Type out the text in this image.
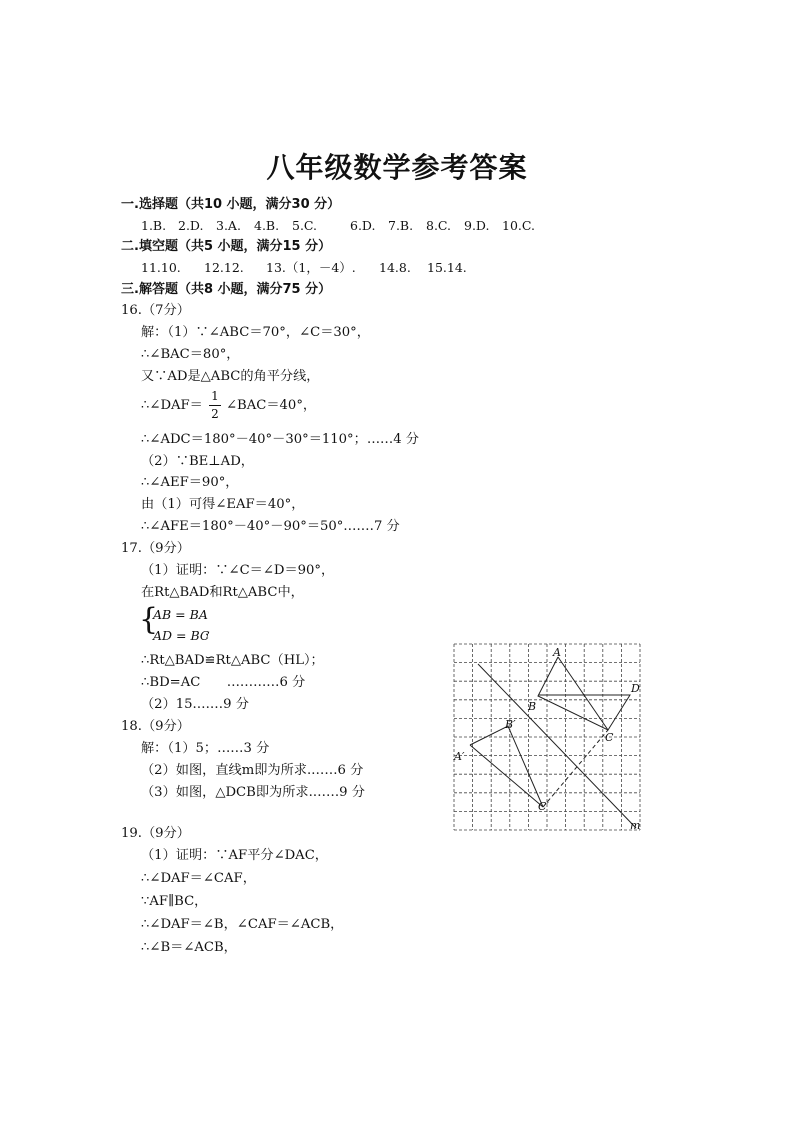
八年级数学参考答案
一.选择题（共10 小题，满分30 分）
1.B. 2.D. 3.A. 4.B. 5.C.	6.D. 7.B. 8.C. 9.D. 10.C.
二.填空题（共5 小题，满分15 分）
11.10. 12.12. 13.（1，－4）. 14.8. 15.14.
三.解答题（共8 小题，满分75 分）
16.（7分）
解：（1）∵∠ABC＝70°，∠C＝30°，
∴∠BAC＝80°，
又∵AD是△ABC的角平分线，
∴∠DAF＝
1
2
∠BAC＝40°，
∴∠ADC＝180°－40°－30°＝110°；……4 分
（2）∵BE⊥AD，
∴∠AEF＝90°，
由（1）可得∠EAF＝40°，
∴∠AFE＝180°－40°－90°＝50°.……7 分
17.（9分）
（1）证明：∵∠C＝∠D＝90°，
在Rt△BAD和Rt△ABC中，
{
AB = BA
AD = BC
，
∴Rt△BAD≌Rt△ABC（HL）；
∴BD=AC　　…………6 分
（2）15.……9 分
18.（9分）
解：（1）5；……3 分
（2）如图，直线m即为所求.……6 分
（3）如图，△DCB即为所求.……9 分
19.（9分）
（1）证明：∵AF平分∠DAC，
∴∠DAF＝∠CAF，
∵AF∥BC，
∴∠DAF＝∠B，∠CAF＝∠ACB，
∴∠B＝∠ACB，
A
B
C
D
A′
B′
C′
m
